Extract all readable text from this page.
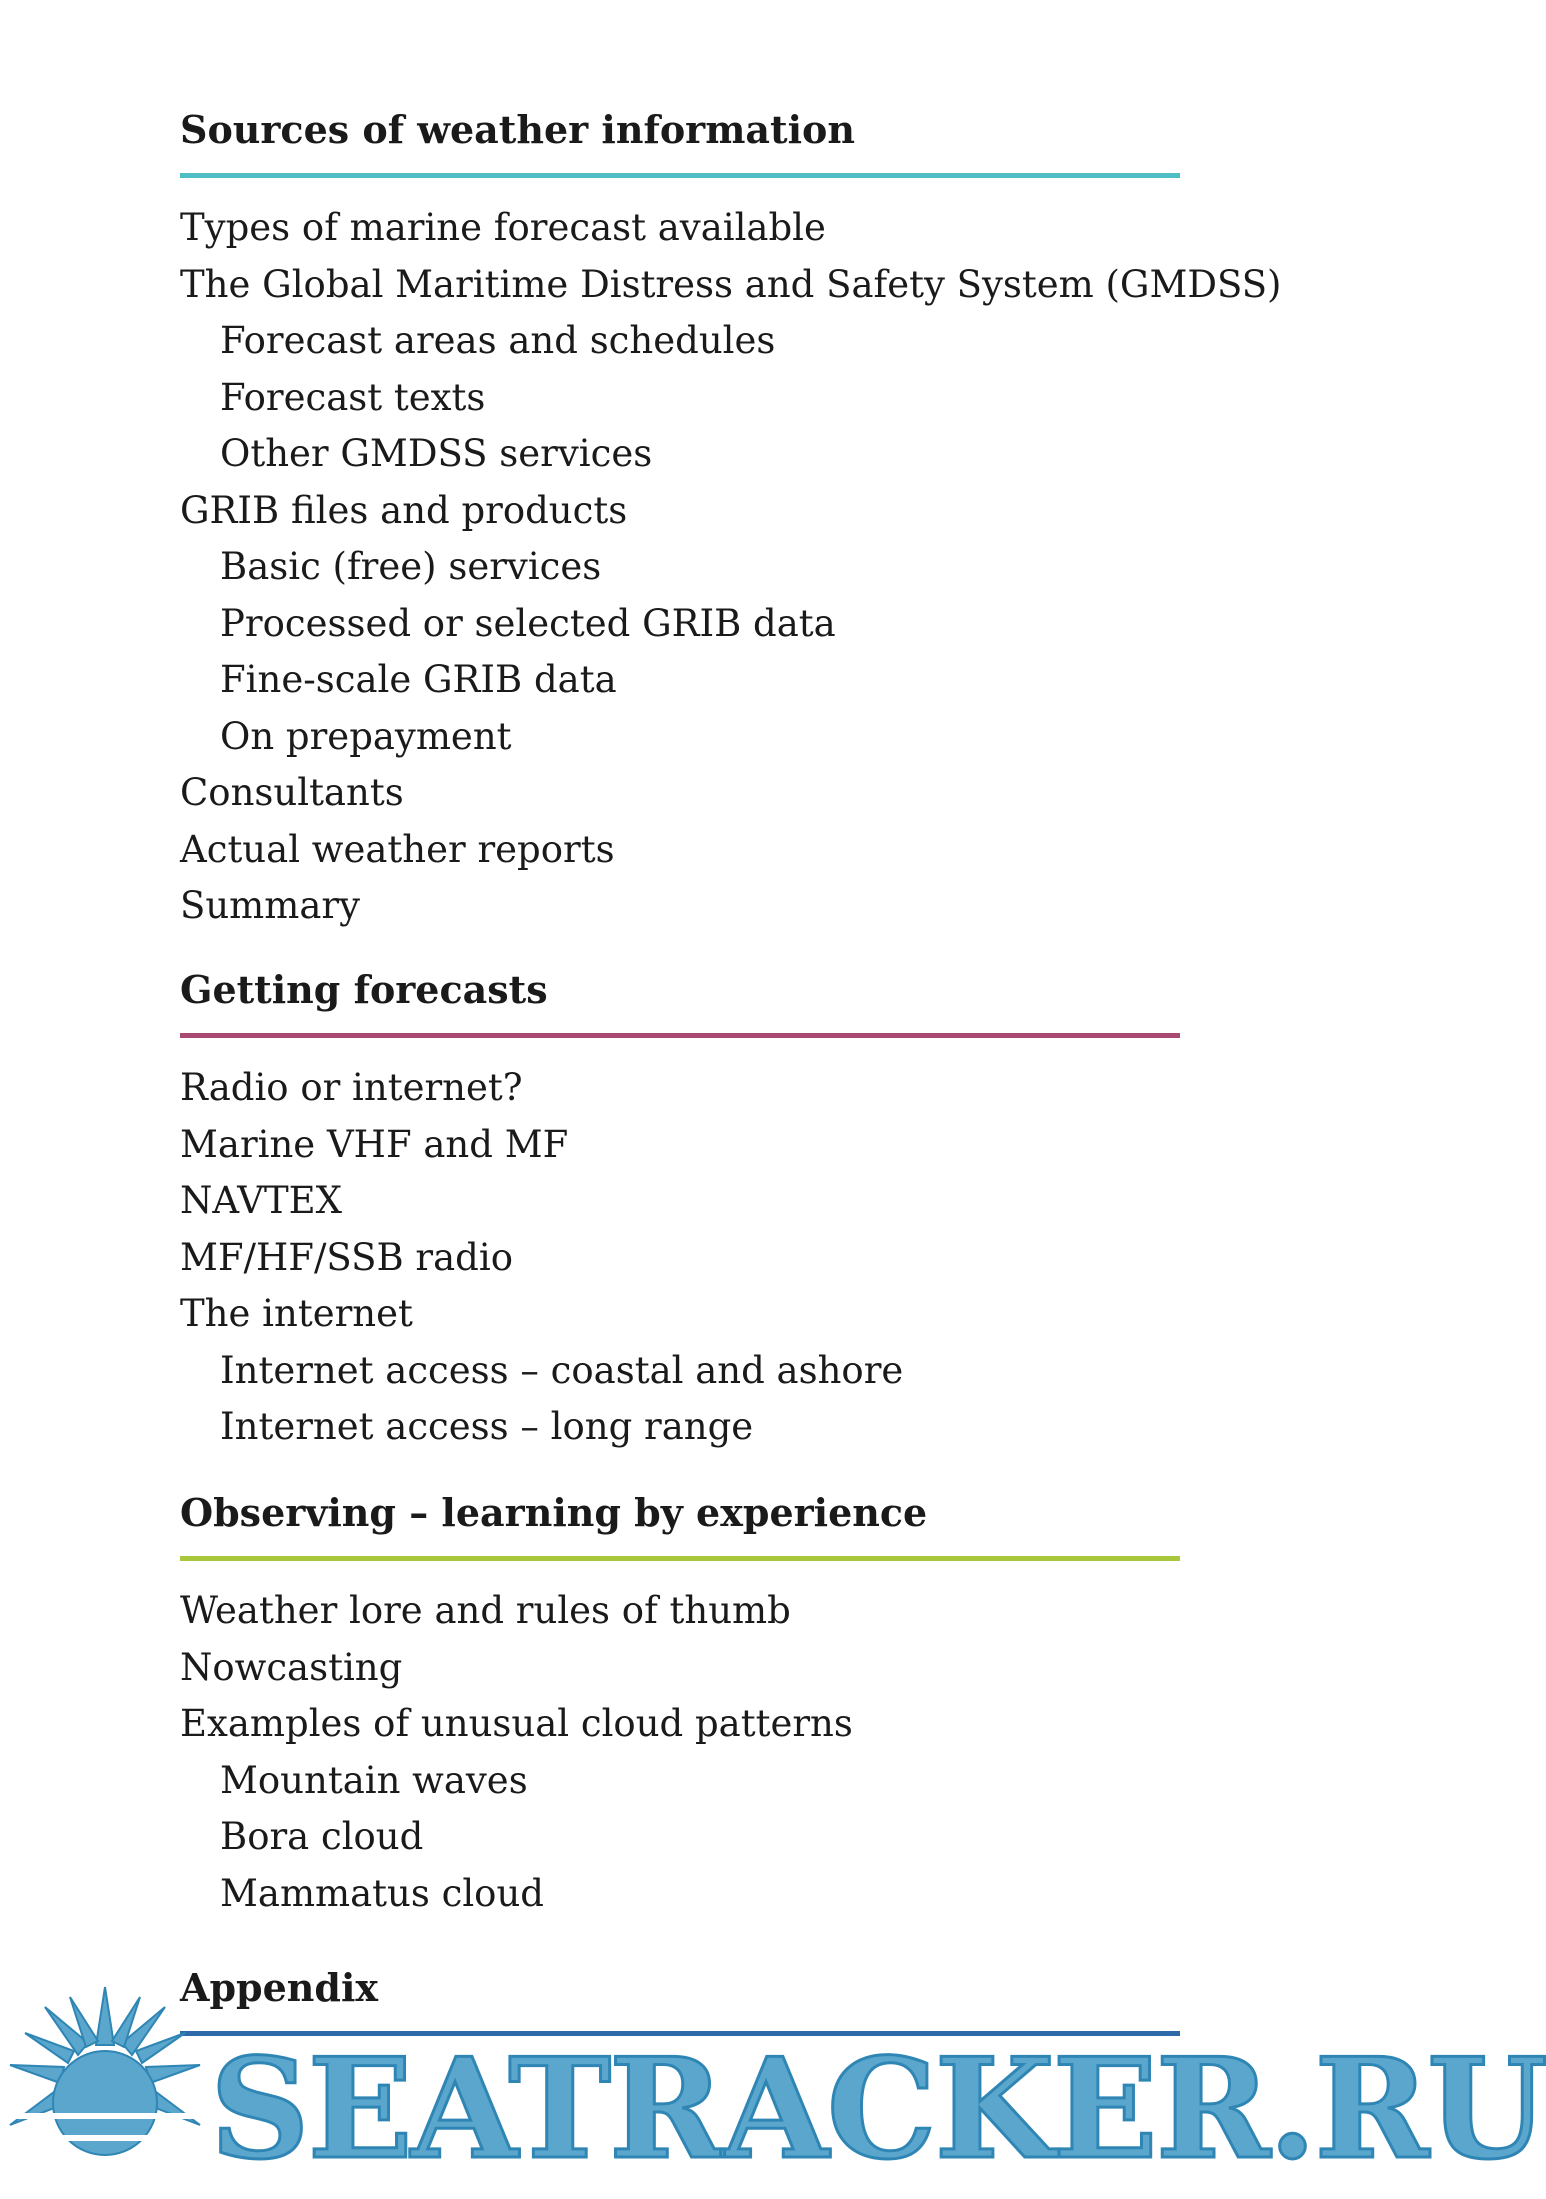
Sources of weather information
Types of marine forecast available
The Global Maritime Distress and Safety System (GMDSS)
Forecast areas and schedules
Forecast texts
Other GMDSS services
GRIB files and products
Basic (free) services
Processed or selected GRIB data
Fine-scale GRIB data
On prepayment
Consultants
Actual weather reports
Summary
Getting forecasts
Radio or internet?
Marine VHF and MF
NAVTEX
MF/HF/SSB radio
The internet
Internet access – coastal and ashore
Internet access – long range
Observing – learning by experience
Weather lore and rules of thumb
Nowcasting
Examples of unusual cloud patterns
Mountain waves
Bora cloud
Mammatus cloud
Appendix
SEATRACKER.RU
